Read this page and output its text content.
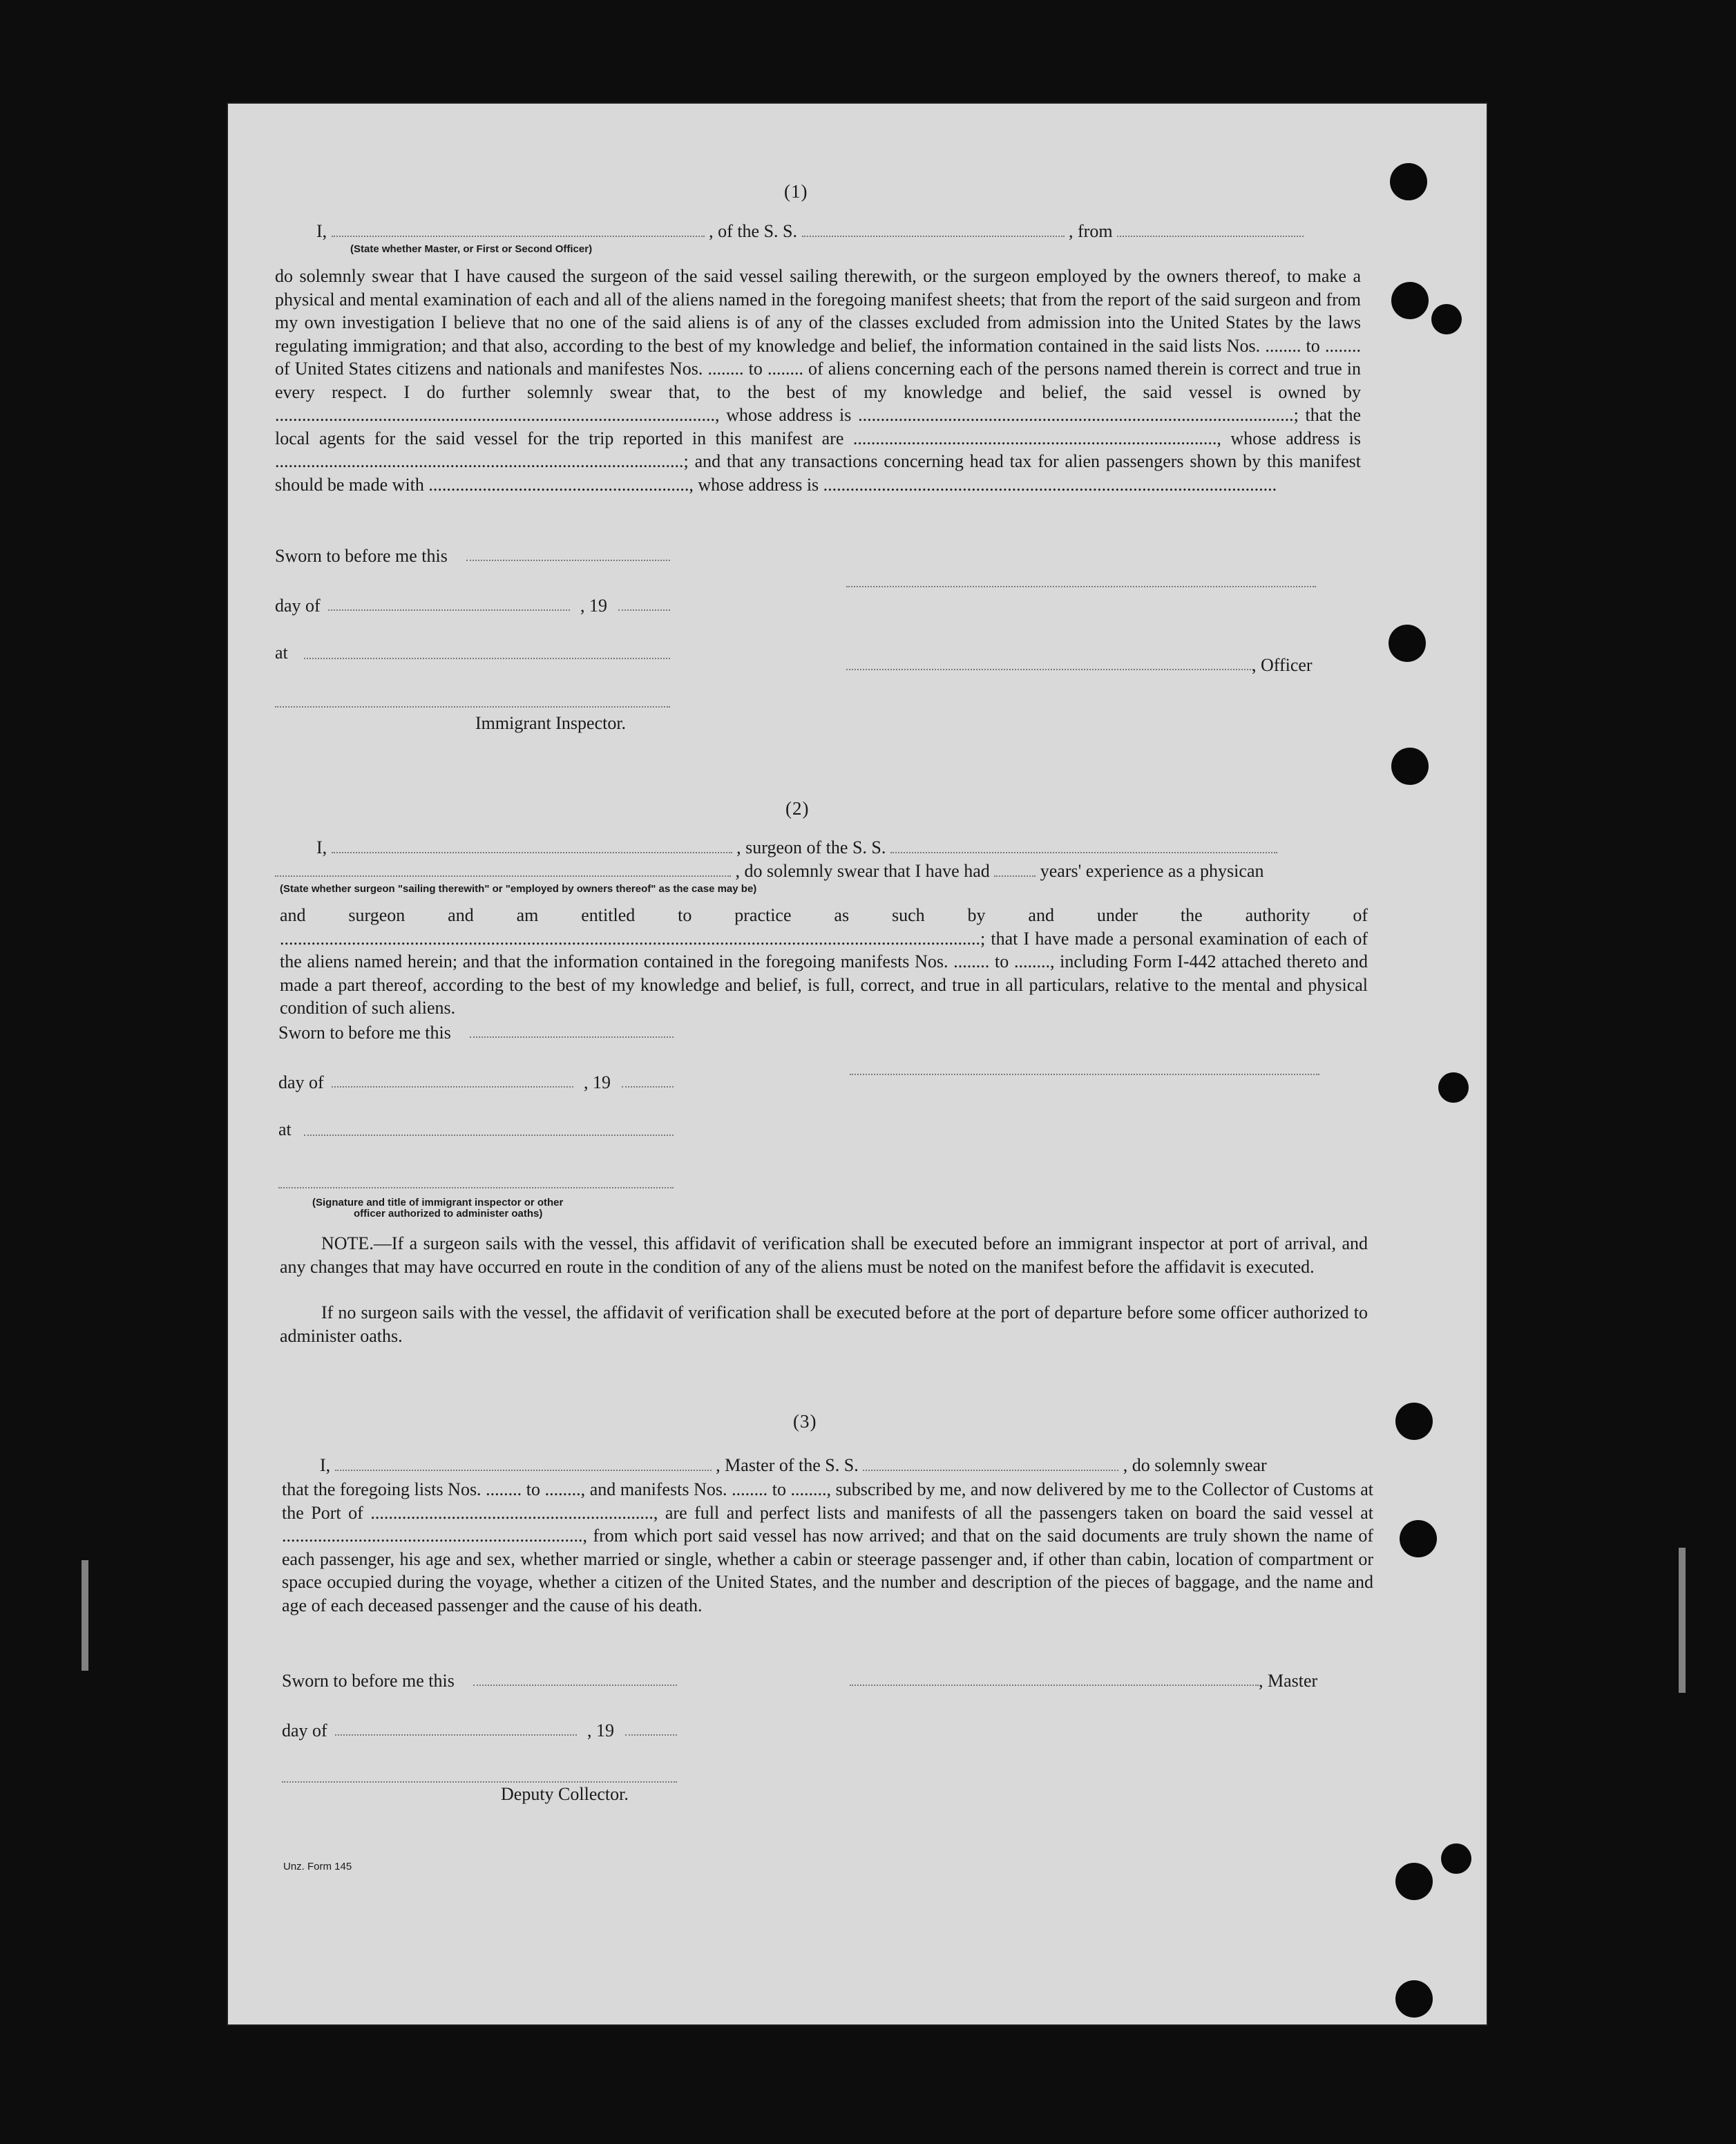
(1)
I,	, of the S. S.	, from
(State whether Master, or First or Second Officer)
do solemnly swear that I have caused the surgeon of the said vessel sailing therewith, or the surgeon employed by the owners thereof, to make a physical and mental examination of each and all of the aliens named in the foregoing manifest sheets; that from the report of the said surgeon and from my own investigation I believe that no one of the said aliens is of any of the classes excluded from admission into the United States by the laws regulating immigration; and that also, according to the best of my knowledge and belief, the information contained in the said lists Nos. ........ to ........ of United States citizens and nationals and manifestes Nos. ........ to ........ of aliens concerning each of the persons named therein is correct and true in every respect. I do further solemnly swear that, to the best of my knowledge and belief, the said vessel is owned by .................................................................................................., whose address is .................................................................................................; that the local agents for the said vessel for the trip reported in this manifest are ................................................................................., whose address is ...........................................................................................; and that any transactions concerning head tax for alien passengers shown by this manifest should be made with .........................................................., whose address is .....................................................................................................
Sworn to before me this
day of	, 19
at
, Officer
Immigrant Inspector.
(2)
I,	, surgeon of the S. S.
, do solemnly swear that I have had	years' experience as a physican
(State whether surgeon "sailing therewith" or "employed by owners thereof" as the case may be)
and surgeon and am entitled to practice as such by and under the authority of ............................................................................................................................................................; that I have made a personal examination of each of the aliens named herein; and that the information contained in the foregoing manifests Nos. ........ to ........, including Form I-442 attached thereto and made a part thereof, according to the best of my knowledge and belief, is full, correct, and true in all particulars, relative to the mental and physical condition of such aliens.
Sworn to before me this
day of	, 19
at
(Signature and title of immigrant inspector or other
officer authorized to administer oaths)
NOTE.—If a surgeon sails with the vessel, this affidavit of verification shall be executed before an immigrant inspector at port of arrival, and any changes that may have occurred en route in the condition of any of the aliens must be noted on the manifest before the affidavit is executed.
If no surgeon sails with the vessel, the affidavit of verification shall be executed before at the port of departure before some officer authorized to administer oaths.
(3)
I,	, Master of the S. S.	, do solemnly swear
that the foregoing lists Nos. ........ to ........, and manifests Nos. ........ to ........, subscribed by me, and now delivered by me to the Collector of Customs at the Port of ..............................................................., are full and perfect lists and manifests of all the passengers taken on board the said vessel at ..................................................................., from which port said vessel has now arrived; and that on the said documents are truly shown the name of each passenger, his age and sex, whether married or single, whether a cabin or steerage passenger and, if other than cabin, location of compartment or space occupied during the voyage, whether a citizen of the United States, and the number and description of the pieces of baggage, and the name and age of each deceased passenger and the cause of his death.
Sworn to before me this	, Master
day of	, 19
Deputy Collector.
Unz. Form 145
